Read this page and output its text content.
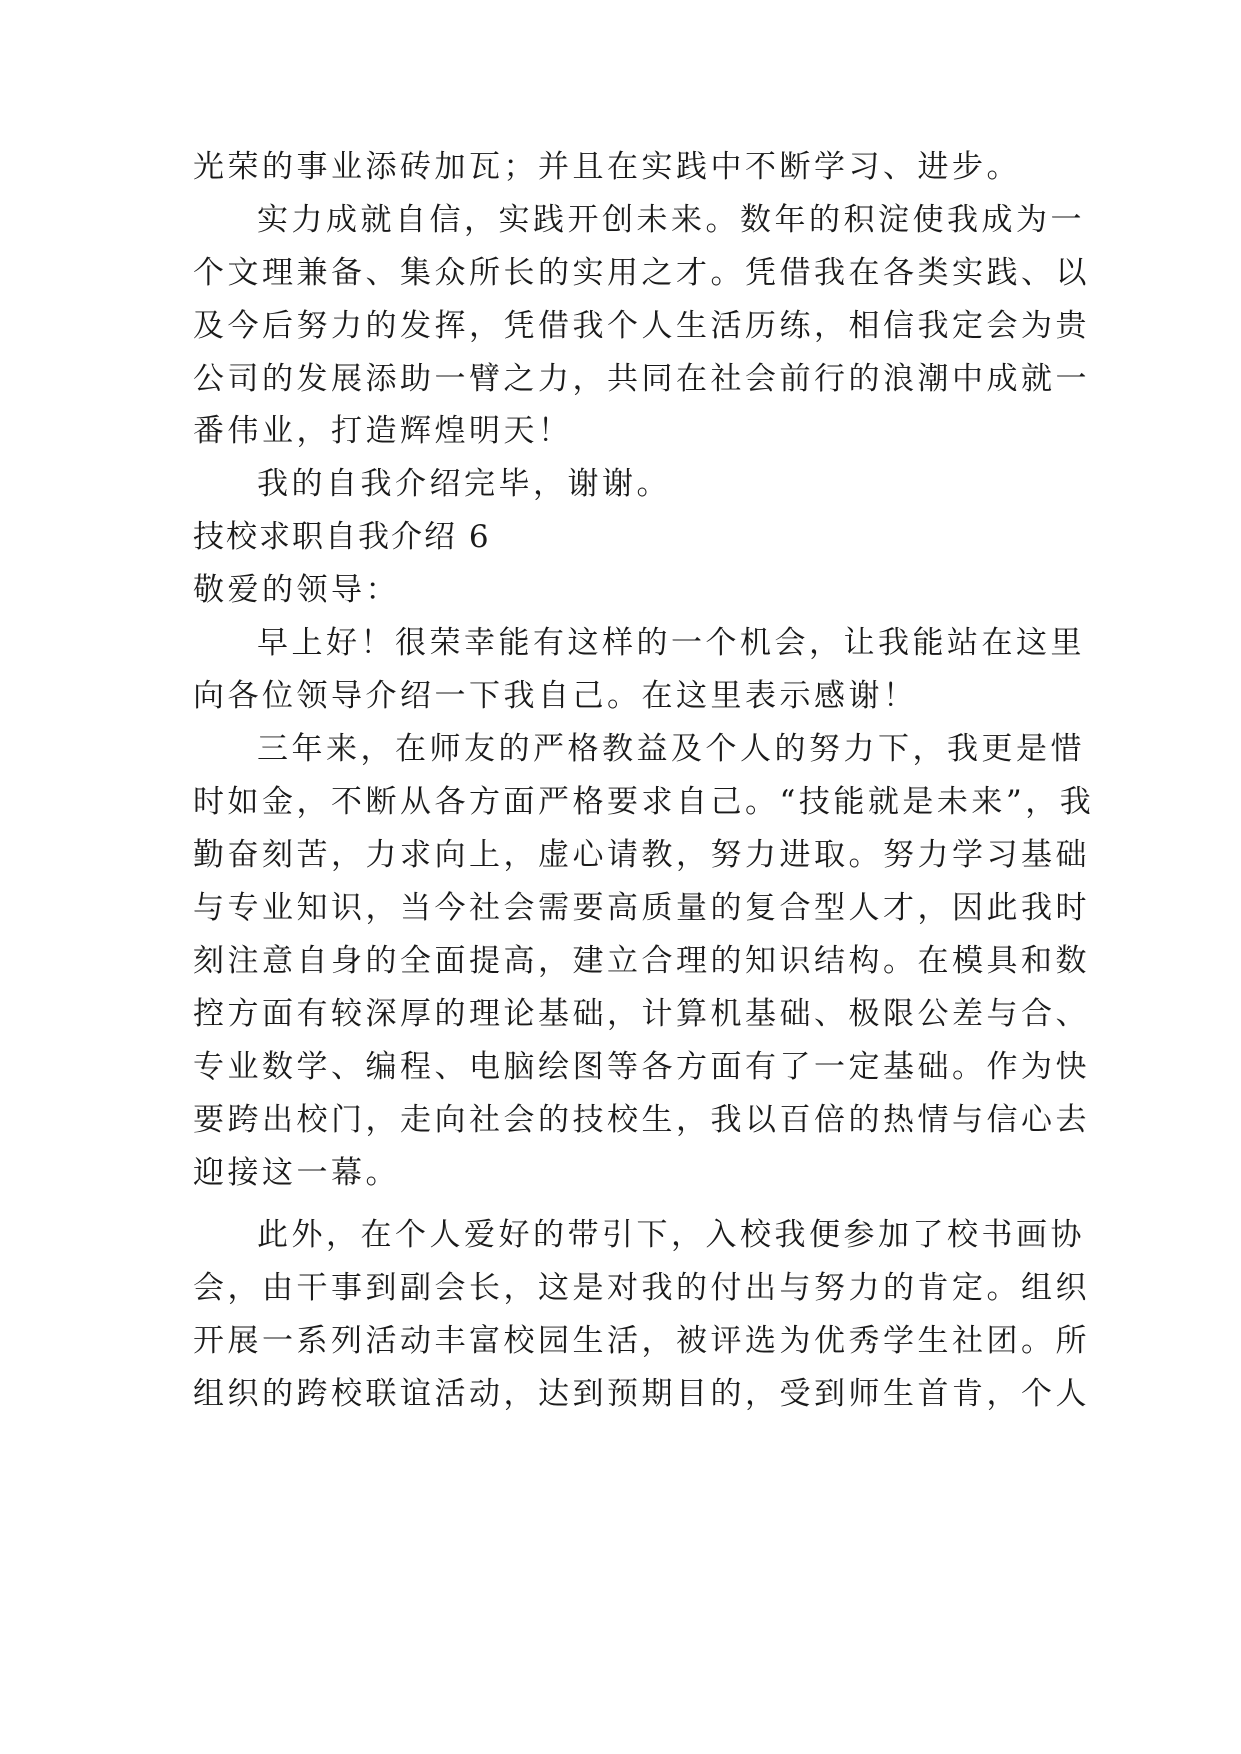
光荣的事业添砖加瓦；并且在实践中不断学习、进步。
实力成就自信，实践开创未来。数年的积淀使我成为一
个文理兼备、集众所长的实用之才。凭借我在各类实践、以
及今后努力的发挥，凭借我个人生活历练，相信我定会为贵
公司的发展添助一臂之力，共同在社会前行的浪潮中成就一
番伟业，打造辉煌明天！
我的自我介绍完毕，谢谢。
技校求职自我介绍 6
敬爱的领导：
早上好！很荣幸能有这样的一个机会，让我能站在这里
向各位领导介绍一下我自己。在这里表示感谢！
三年来，在师友的严格教益及个人的努力下，我更是惜
时如金，不断从各方面严格要求自己。“技能就是未来”，我
勤奋刻苦，力求向上，虚心请教，努力进取。努力学习基础
与专业知识，当今社会需要高质量的复合型人才，因此我时
刻注意自身的全面提高，建立合理的知识结构。在模具和数
控方面有较深厚的理论基础，计算机基础、极限公差与合、
专业数学、编程、电脑绘图等各方面有了一定基础。作为快
要跨出校门，走向社会的技校生，我以百倍的热情与信心去
迎接这一幕。
此外，在个人爱好的带引下，入校我便参加了校书画协
会，由干事到副会长，这是对我的付出与努力的肯定。组织
开展一系列活动丰富校园生活，被评选为优秀学生社团。所
组织的跨校联谊活动，达到预期目的，受到师生首肯，个人
